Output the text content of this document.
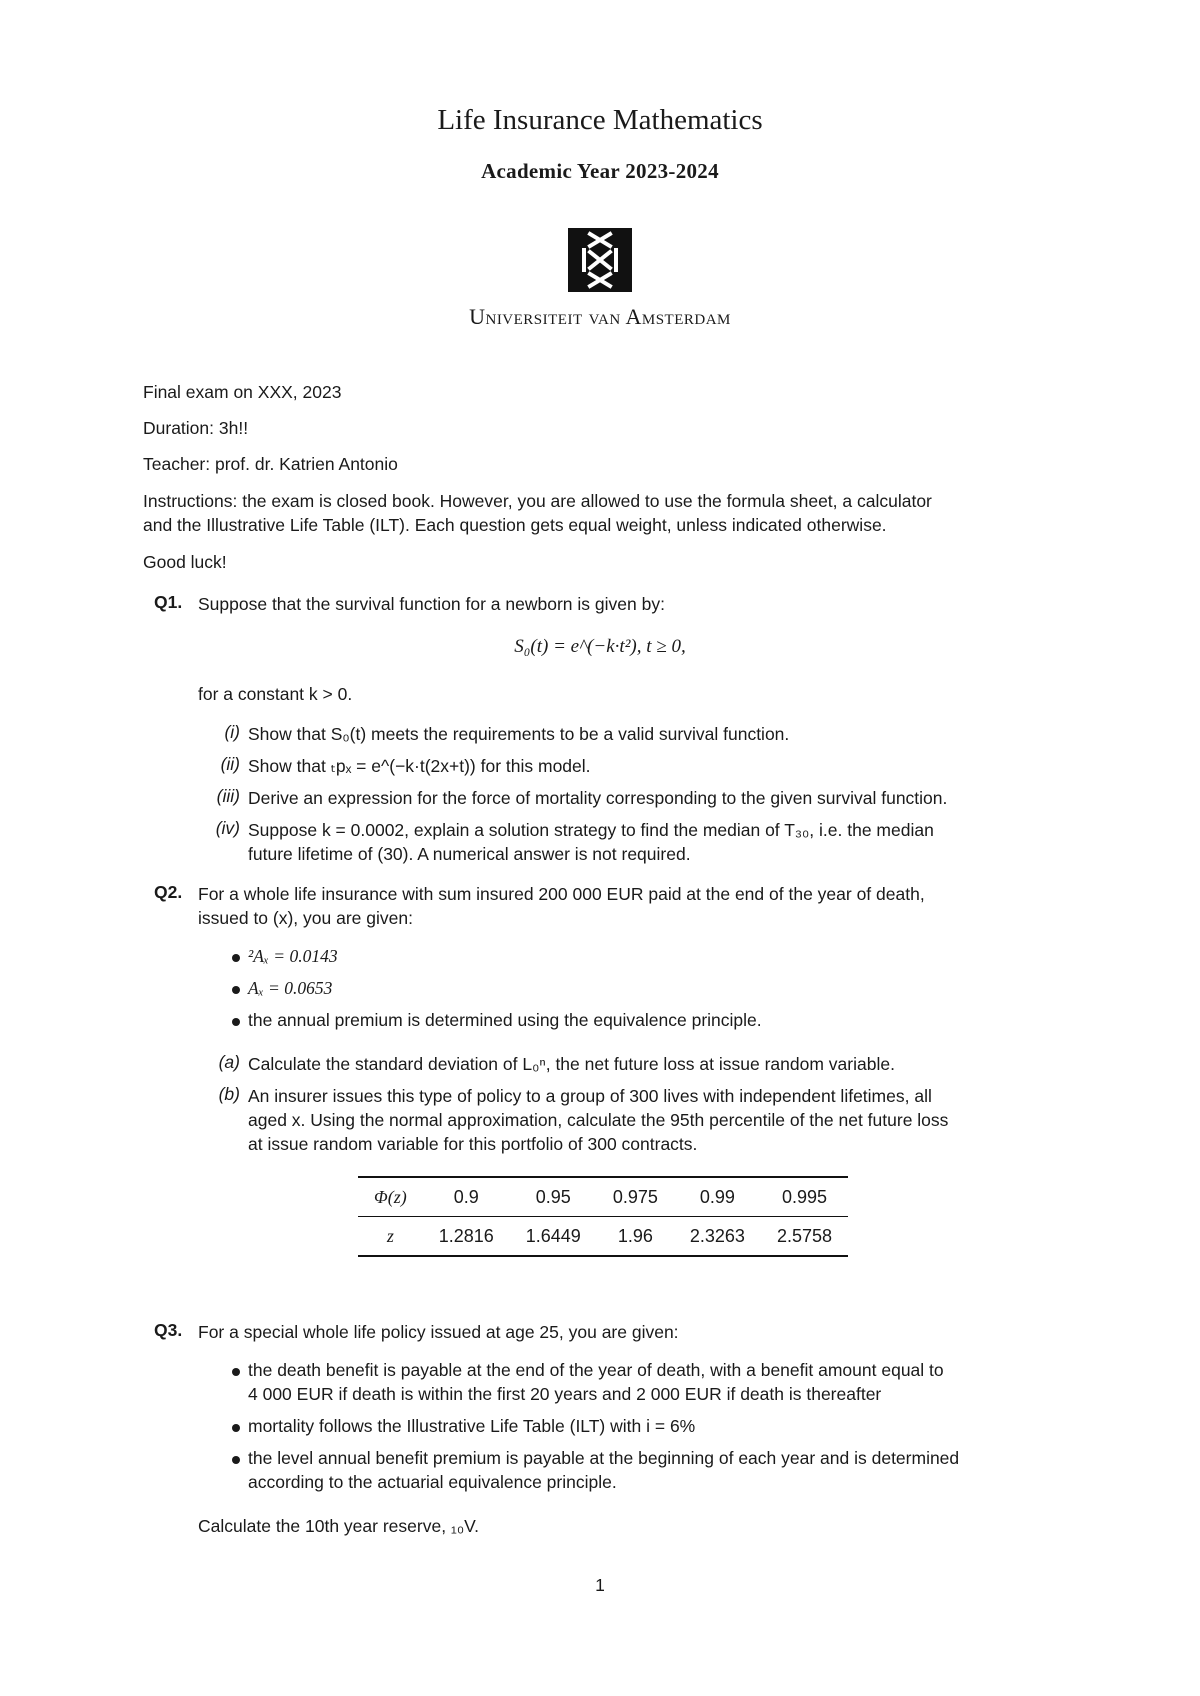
Life Insurance Mathematics
Academic Year 2023-2024
Universiteit van Amsterdam
Final exam on XXX, 2023
Duration: 3h!!
Teacher: prof. dr. Katrien Antonio
Instructions: the exam is closed book. However, you are allowed to use the formula sheet, a calculator
and the Illustrative Life Table (ILT). Each question gets equal weight, unless indicated otherwise.
Good luck!
Q1. Suppose that the survival function for a newborn is given by:
S₀(t) = e^(−k·t²), t ≥ 0,
for a constant k > 0.
(i) Show that S₀(t) meets the requirements to be a valid survival function.
(ii) Show that ₜpₓ = e^(−k·t(2x+t)) for this model.
(iii) Derive an expression for the force of mortality corresponding to the given survival function.
(iv) Suppose k = 0.0002, explain a solution strategy to find the median of T₃₀, i.e. the median
future lifetime of (30). A numerical answer is not required.
Q2. For a whole life insurance with sum insured 200 000 EUR paid at the end of the year of death,
issued to (x), you are given:
²Aₓ = 0.0143
Aₓ = 0.0653
the annual premium is determined using the equivalence principle.
(a) Calculate the standard deviation of L₀ⁿ, the net future loss at issue random variable.
(b) An insurer issues this type of policy to a group of 300 lives with independent lifetimes, all
aged x. Using the normal approximation, calculate the 95th percentile of the net future loss
at issue random variable for this portfolio of 300 contracts.
Φ(z)	0.9	0.95	0.975	0.99	0.995
z	1.2816	1.6449	1.96	2.3263	2.5758
Q3. For a special whole life policy issued at age 25, you are given:
the death benefit is payable at the end of the year of death, with a benefit amount equal to
4 000 EUR if death is within the first 20 years and 2 000 EUR if death is thereafter
mortality follows the Illustrative Life Table (ILT) with i = 6%
the level annual benefit premium is payable at the beginning of each year and is determined
according to the actuarial equivalence principle.
Calculate the 10th year reserve, ₁₀V.
1
